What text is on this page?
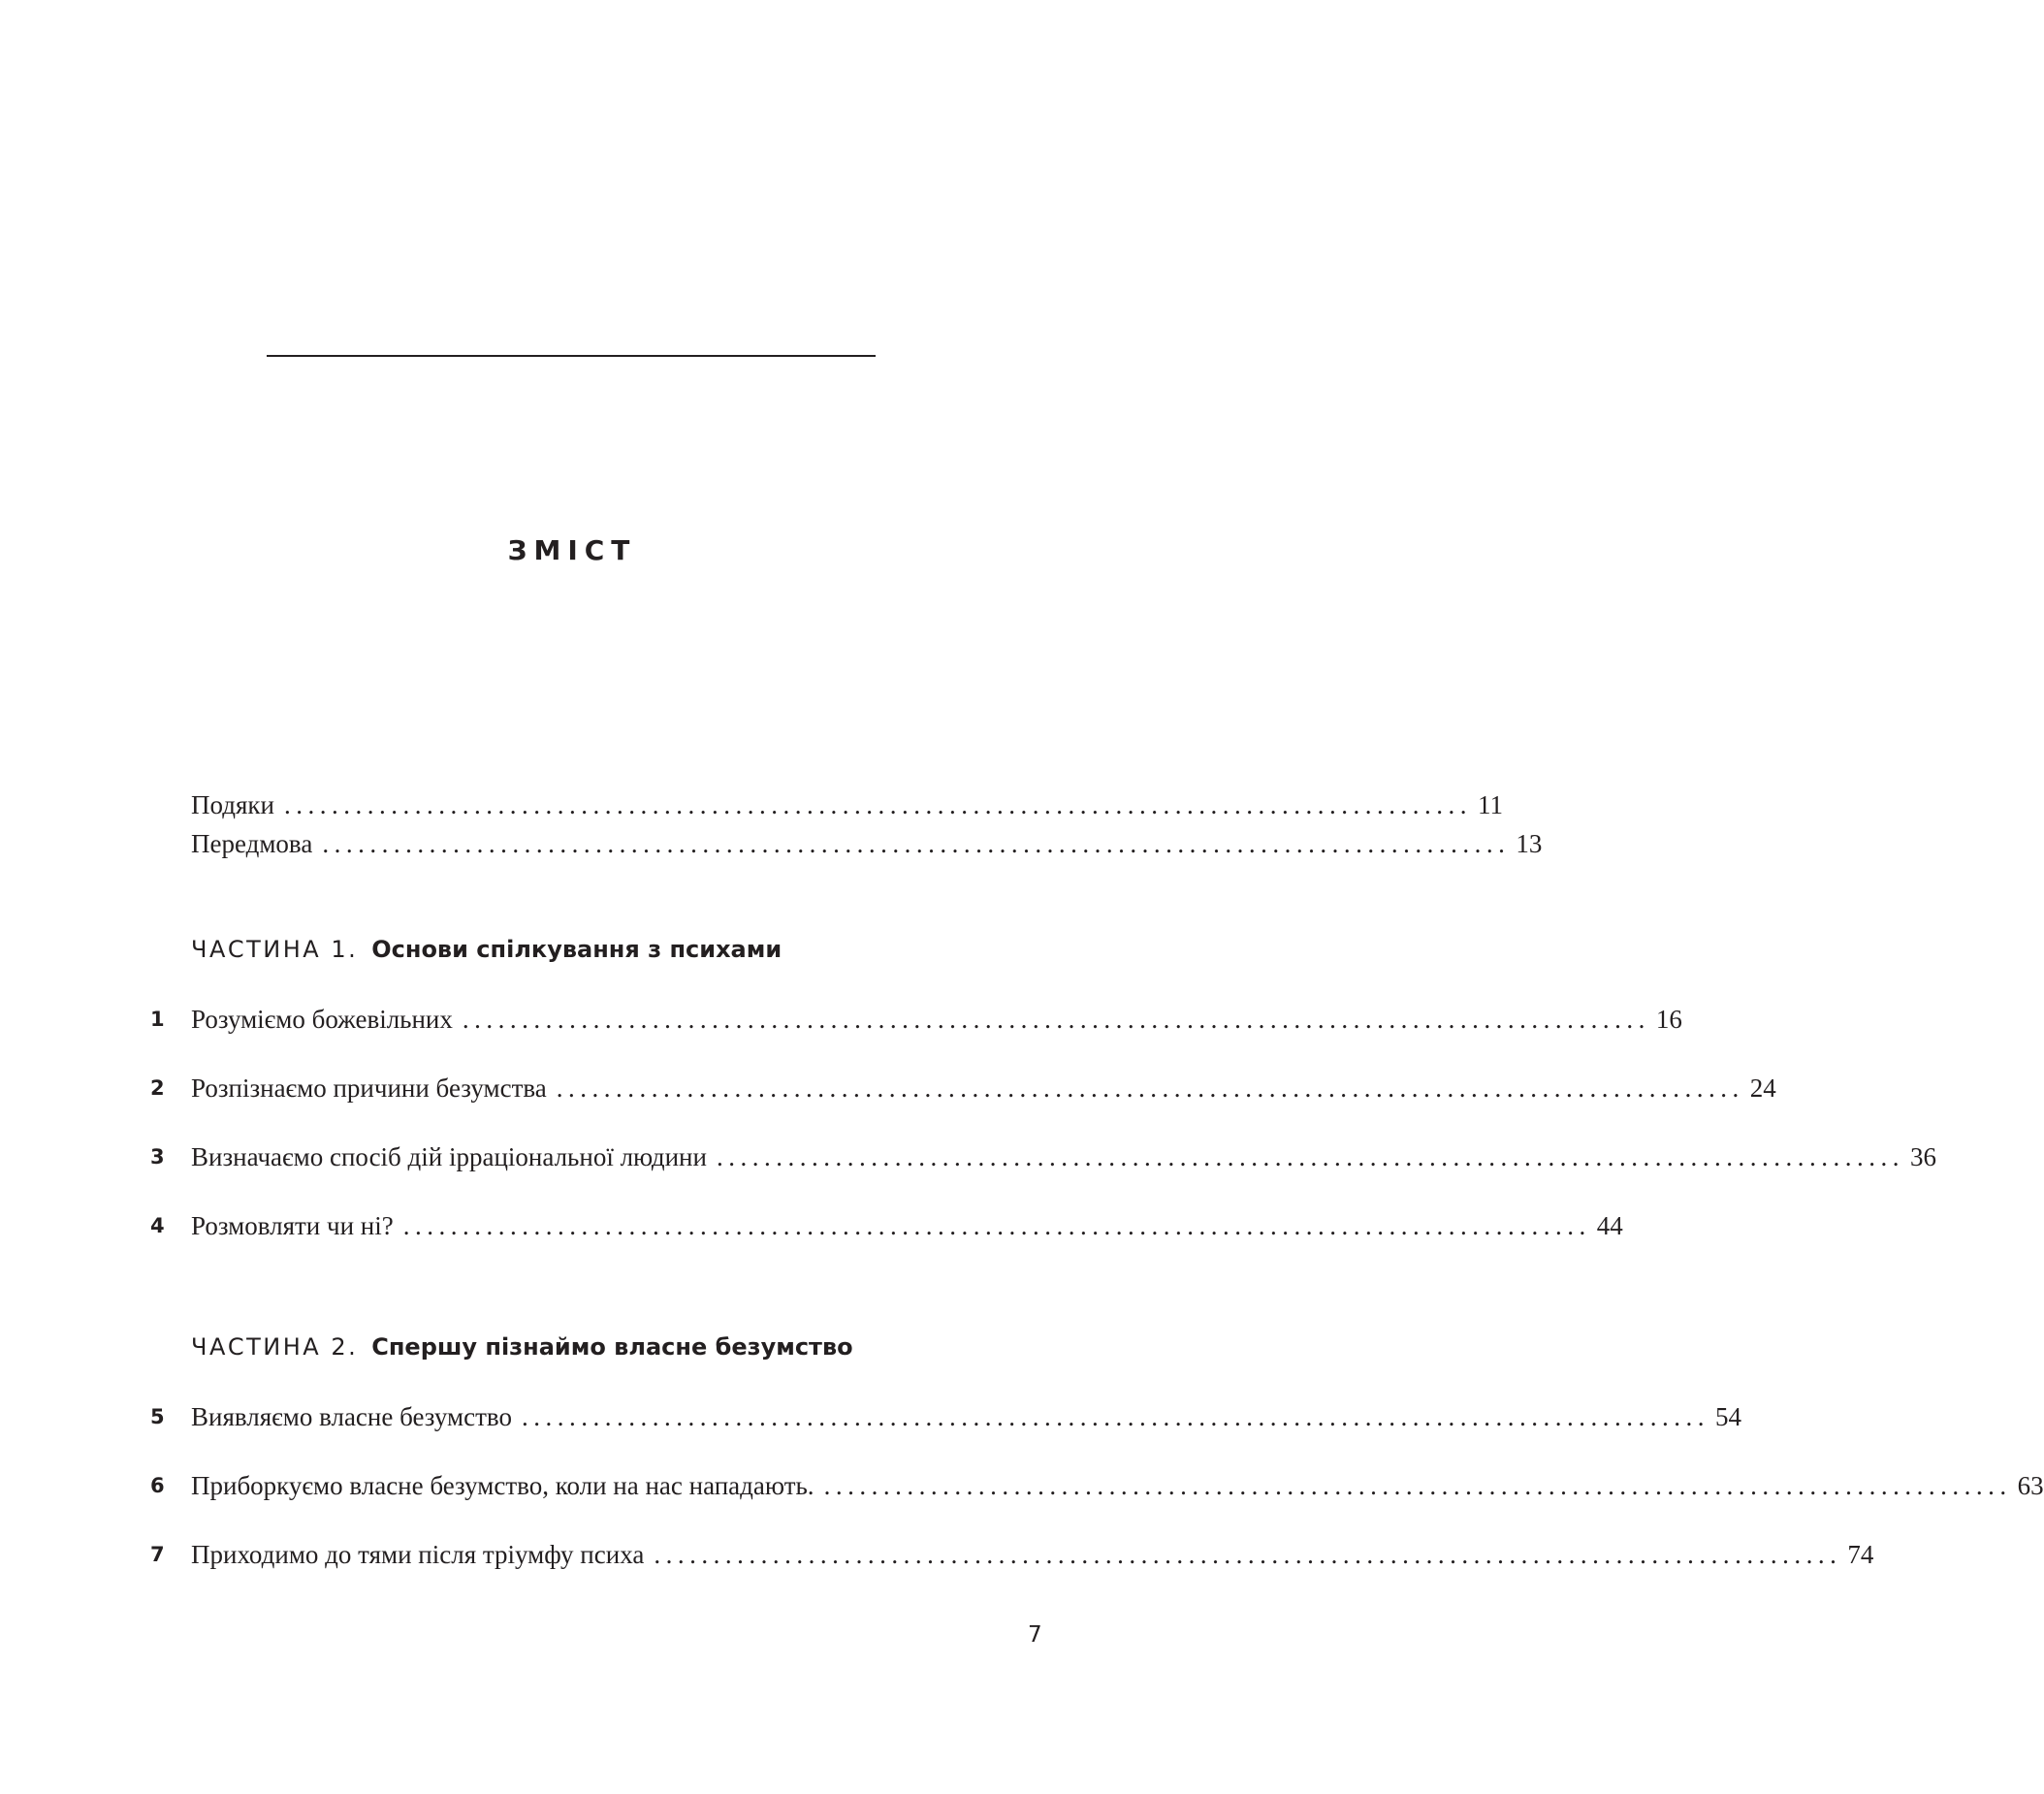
ЗМІСТ
Подяки .................................................................................................... 11
Передмова .................................................................................................... 13
ЧАСТИНА 1. Основи спілкування з психами
1	Розуміємо божевільних .................................................................................................... 16
2	Розпізнаємо причини безумства .................................................................................................... 24
3	Визначаємо спосіб дій ірраціональної людини .................................................................................................... 36
4	Розмовляти чи ні? .................................................................................................... 44
ЧАСТИНА 2. Спершу пізнаймо власне безумство
5	Виявляємо власне безумство .................................................................................................... 54
6	Приборкуємо власне безумство, коли на нас нападають. .................................................................................................... 63
7	Приходимо до тями після тріумфу психа .................................................................................................... 74
7
